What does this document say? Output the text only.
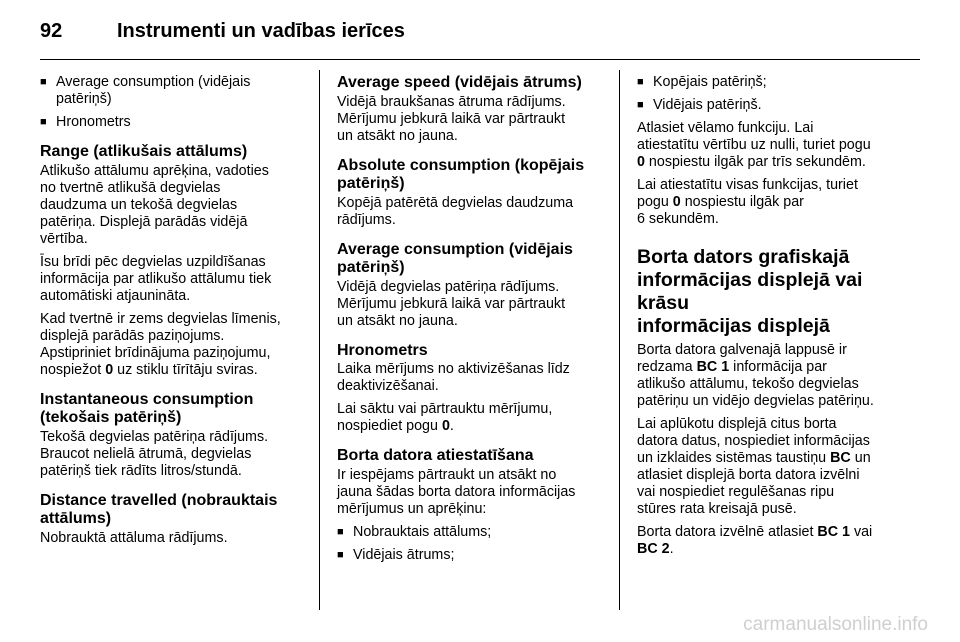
92	Instrumenti un vadības ierīces
■ Average consumption (vidējais
patēriņš)
■ Hronometrs
Range (atlikušais attālums)

Atlikušo attālumu aprēķina, vadoties
no tvertnē atlikušā degvielas
daudzuma un tekošā degvielas
patēriņa. Displejā parādās vidējā
vērtība.

Īsu brīdi pēc degvielas uzpildīšanas
informācija par atlikušo attālumu tiek
automātiski atjaunināta.

Kad tvertnē ir zems degvielas līmenis,
displejā parādās paziņojums.
Apstipriniet brīdinājuma paziņojumu,
nospiežot 0 uz stiklu tīrītāju sviras.

Instantaneous consumption
(tekošais patēriņš)

Tekošā degvielas patēriņa rādījums.
Braucot nelielā ātrumā, degvielas
patēriņš tiek rādīts litros/stundā.

Distance travelled (nobrauktais
attālums)

Nobrauktā attāluma rādījums.

Average speed (vidējais ātrums)

Vidējā braukšanas ātruma rādījums.
Mērījumu jebkurā laikā var pārtraukt
un atsākt no jauna.

Absolute consumption (kopējais
patēriņš)

Kopējā patērētā degvielas daudzuma
rādījums.

Average consumption (vidējais
patēriņš)

Vidējā degvielas patēriņa rādījums.
Mērījumu jebkurā laikā var pārtraukt
un atsākt no jauna.

Hronometrs

Laika mērījums no aktivizēšanas līdz
deaktivizēšanai.

Lai sāktu vai pārtrauktu mērījumu,
nospiediet pogu 0.

Borta datora atiestatīšana

Ir iespējams pārtraukt un atsākt no
jauna šādas borta datora informācijas
mērījumus un aprēķinu:

■ Nobrauktais attālums;
■ Vidējais ātrums;
■ Kopējais patēriņš;
■ Vidējais patēriņš.

Atlasiet vēlamo funkciju. Lai
atiestatītu vērtību uz nulli, turiet pogu
0 nospiestu ilgāk par trīs sekundēm.

Lai atiestatītu visas funkcijas, turiet
pogu 0 nospiestu ilgāk par
6 sekundēm.

Borta dators grafiskajā
informācijas displejā vai krāsu
informācijas displejā

Borta datora galvenajā lappusē ir
redzama BC 1 informācija par
atlikušo attālumu, tekošo degvielas
patēriņu un vidējo degvielas patēriņu.

Lai aplūkotu displejā citus borta
datora datus, nospiediet informācijas
un izklaides sistēmas taustiņu BC un
atlasiet displejā borta datora izvēlni
vai nospiediet regulēšanas ripu
stūres rata kreisajā pusē.

Borta datora izvēlnē atlasiet BC 1 vai
BC 2.

carmanualsonline.info
